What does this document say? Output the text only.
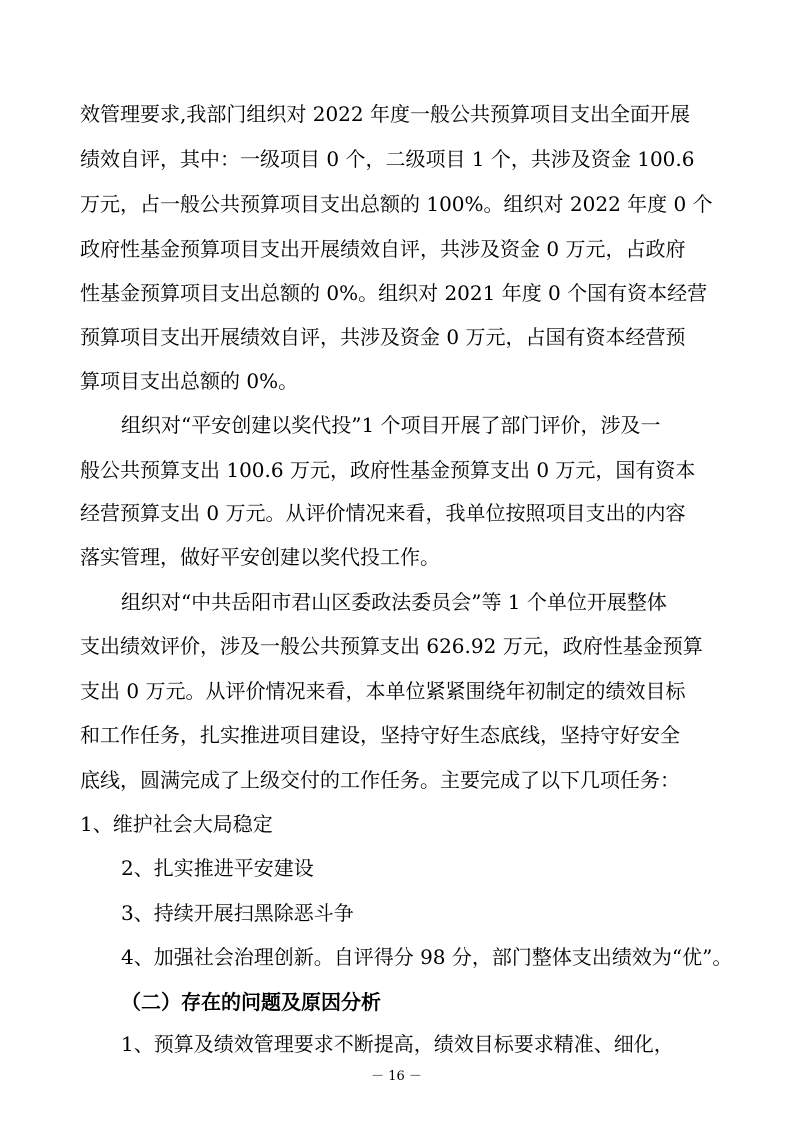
效管理要求,我部门组织对 2022 年度一般公共预算项目支出全面开展
绩效自评，其中：一级项目 0 个，二级项目 1 个，共涉及资金 100.6
万元，占一般公共预算项目支出总额的 100%。组织对 2022 年度 0 个
政府性基金预算项目支出开展绩效自评，共涉及资金 0 万元，占政府
性基金预算项目支出总额的 0%。组织对 2021 年度 0 个国有资本经营
预算项目支出开展绩效自评，共涉及资金 0 万元，占国有资本经营预
算项目支出总额的 0%。
组织对“平安创建以奖代投”1 个项目开展了部门评价，涉及一
般公共预算支出 100.6 万元，政府性基金预算支出 0 万元，国有资本
经营预算支出 0 万元。从评价情况来看，我单位按照项目支出的内容
落实管理，做好平安创建以奖代投工作。
组织对“中共岳阳市君山区委政法委员会”等 1 个单位开展整体
支出绩效评价，涉及一般公共预算支出 626.92 万元，政府性基金预算
支出 0 万元。从评价情况来看，本单位紧紧围绕年初制定的绩效目标
和工作任务，扎实推进项目建设，坚持守好生态底线，坚持守好安全
底线，圆满完成了上级交付的工作任务。主要完成了以下几项任务：
1、维护社会大局稳定
2、扎实推进平安建设
3、持续开展扫黑除恶斗争
4、加强社会治理创新。自评得分 98 分，部门整体支出绩效为“优”。
（二）存在的问题及原因分析
1、预算及绩效管理要求不断提高，绩效目标要求精准、细化，
－ 16 －
